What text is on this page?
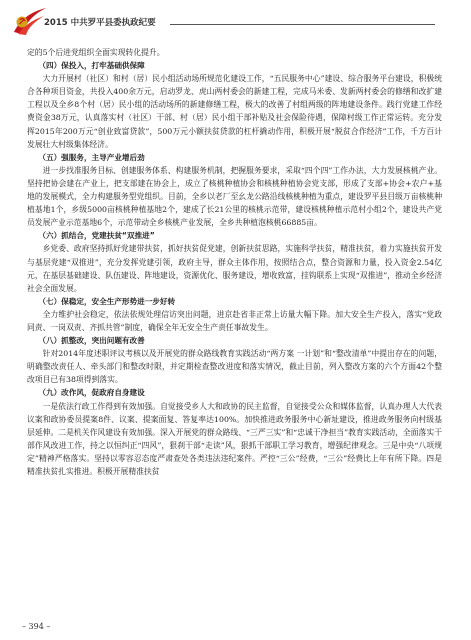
2015 中共罗平县委执政纪要

定的5个后进党组织全面实现转化提升。

（四）保投入，打牢基础供保障

大力开展村（社区）和村（居）民小组活动场所规范化建设工作，“五民服务中心”建设、综合服务平台建设，积极统合各种项目资金，共投入400余万元，启动罗龙、虎山两村委会的新建工程，完成马米委、发新两村委会的修缮和改扩建工程以及全乡8个村（居）民小组的活动场所的新建修缮工程，极大的改善了村组两级的阵地建设条件。践行党建工作经费资金38万元，认真落实村（社区）干部、村（居）民小组干部补贴及社会保险待遇，保障村级工作正常运转。充分发挥2015年200万元“创业致富贷款”，500万元小额扶贫贷款的杠杆撬动作用，积极开展“脱贫合作经济”工作，千方百计发展壮大村级集体经济。

（五）强服务，主导产业增后劲

进一步找准服务目标、创建服务体系、构建服务机制，把握服务要求，采取“四个四”工作办法，大力发展核桃产业。坚持把协会建在产业上，把支部建在协会上，成立了核桃种植协会和核桃种植协会党支部，形成了支部+协会+农户+基地的发展模式，全力构建服务型党组织。目前，全乡以老厂至幺龙公路沿线核桃种植为重点，建设罗平县目级万亩核桃种植基地1个，乡级5000亩核桃种植基地2个，建成了长21公里的核桃示范带，建设核桃种植示范村小组2个，建设共产党员发展产业示范基地6个，示范带动全乡核桃产业发展，全乡共种植泡核桃66885亩。

（六）抓结合，党建扶贫“双推进”

乡党委、政府坚持抓好党建带扶贫，抓好扶贫促党建，创新扶贫思路，实施科学扶贫，精准扶贫，着力实施扶贫开发与基层党建“双推进”，充分发挥党建引领，政府主导，群众主体作用，按照结合点，整合资源和力量，投入资金2.54亿元，在基层基础建设、队伍建设、阵地建设，资源优化、服务建设，增收致富，挂钩联系上实现“双推进”，推动全乡经济社会全面发展。

（七）保稳定，安全生产形势进一步好转

全力维护社会稳定，依法依规处理信访突出问题，进京赴省非正常上访量大幅下降。加大安全生产投入，落实“党政同责、一岗双责、齐抓共管”制度，确保全年无安全生产责任事故发生。

（八）抓整改，突出问题有改善

针对2014年度述职评议考核以及开展党的群众路线教育实践活动“两方案 一计划”和“整改清单”中提出存在的问题，明确整改责任人、牵头部门和整改时限，并定期检查整改进度和落实情况，截止目前，列入整改方案的六个方面42个整改项目已有38项得到落实。

（九）改作风，促政府自身建设

一是依法行政工作得到有效加强。自觉接受乡人大和政协的民主监督，自觉接受公众和媒体监督，认真办理人大代表议案和政协委员提案8件、议案、提案面复、答复率达100%。加快推进政务服务中心新址建设，推进政务服务向村级基层延伸。二是机关作风建设有效加强。深入开展党的群众路线、“三严三实”和“忠诚干净担当”教育实践活动，全面落实干部作风改进工作，持之以恒纠正“四风”，狠刹干部“走读”风，狠抓干部职工学习教育，增强纪律观念。三是中央“八项规定”精神严格落实。坚持以零容忍态度严肃查处各类违法违纪案件。严控“三公”经费，“三公”经费比上年有所下降。四是精准扶贫扎实推进。积极开展精准扶贫

– 394 –
